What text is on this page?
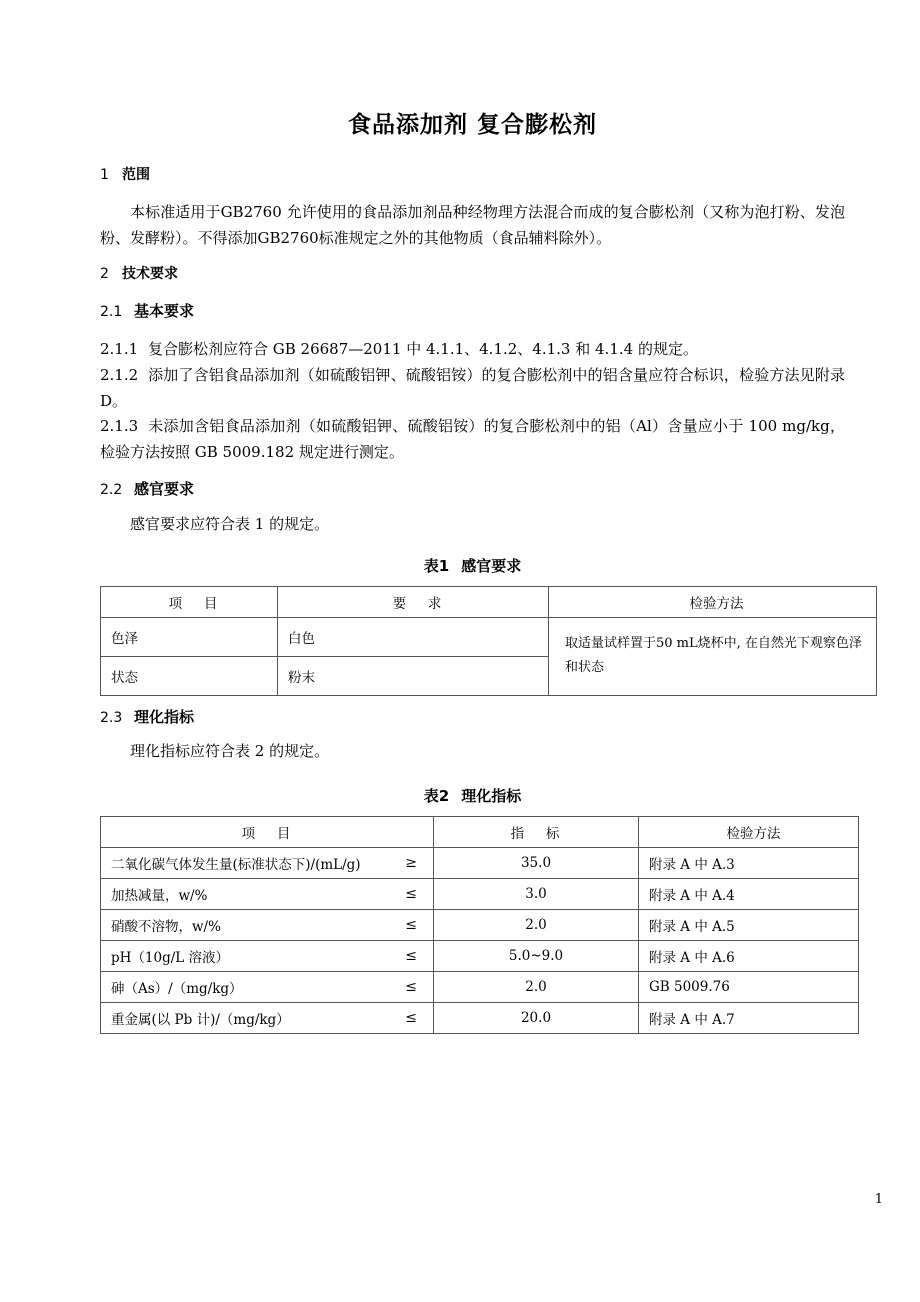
食品添加剂 复合膨松剂

1 范围

本标准适用于GB2760 允许使用的食品添加剂品种经物理方法混合而成的复合膨松剂（又称为泡打粉、发泡粉、发酵粉）。不得添加GB2760标准规定之外的其他物质（食品辅料除外）。

2 技术要求

2.1 基本要求

2.1.1 复合膨松剂应符合 GB 26687—2011 中 4.1.1、4.1.2、4.1.3 和 4.1.4 的规定。

2.1.2 添加了含铝食品添加剂（如硫酸铝钾、硫酸铝铵）的复合膨松剂中的铝含量应符合标识，检验方法见附录 D。

2.1.3 未添加含铝食品添加剂（如硫酸铝钾、硫酸铝铵）的复合膨松剂中的铝（Al）含量应小于 100 mg/kg，检验方法按照 GB 5009.182 规定进行测定。

2.2 感官要求

感官要求应符合表 1 的规定。

表1 感官要求

项 目	要 求	检验方法

色泽	白色	取适量试样置于50 mL烧杯中, 在自然光下观察色泽和状态

状态	粉末	

2.3 理化指标

理化指标应符合表 2 的规定。

表2 理化指标

项 目	指 标	检验方法

二氧化碳气体发生量(标准状态下)/(mL/g) ≥	35.0	附录 A 中 A.3

加热减量，w/% ≤	3.0	附录 A 中 A.4

硝酸不溶物，w/% ≤	2.0	附录 A 中 A.5

pH（10g/L 溶液） ≤	5.0~9.0	附录 A 中 A.6

砷（As）/（mg/kg） ≤	2.0	GB 5009.76

重金属(以 Pb 计)/（mg/kg） ≤	20.0	附录 A 中 A.7
1
